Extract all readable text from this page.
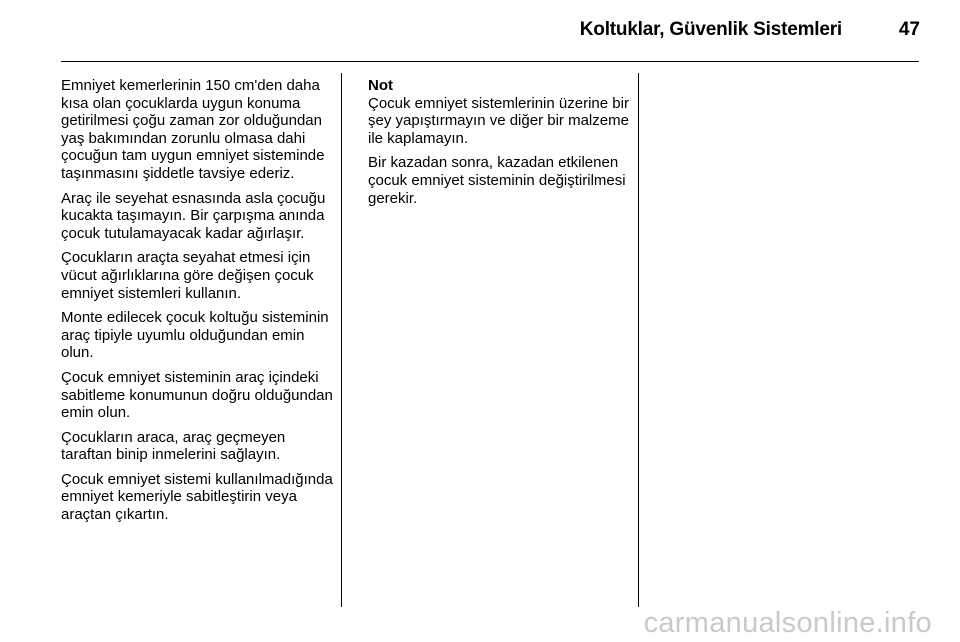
Koltuklar, Güvenlik Sistemleri	47

Emniyet kemerlerinin 150 cm'den daha kısa olan çocuklarda uygun konuma getirilmesi çoğu zaman zor olduğundan yaş bakımından zorunlu olmasa dahi çocuğun tam uygun emniyet sisteminde taşınmasını şiddetle tavsiye ederiz.

Araç ile seyehat esnasında asla çocuğu kucakta taşımayın. Bir çarpışma anında çocuk tutulamayacak kadar ağırlaşır.

Çocukların araçta seyahat etmesi için vücut ağırlıklarına göre değişen çocuk emniyet sistemleri kullanın.

Monte edilecek çocuk koltuğu sisteminin araç tipiyle uyumlu olduğundan emin olun.

Çocuk emniyet sisteminin araç içindeki sabitleme konumunun doğru olduğundan emin olun.

Çocukların araca, araç geçmeyen taraftan binip inmelerini sağlayın.

Çocuk emniyet sistemi kullanılmadığında emniyet kemeriyle sabitleştirin veya araçtan çıkartın.

Not
Çocuk emniyet sistemlerinin üzerine bir şey yapıştırmayın ve diğer bir malzeme ile kaplamayın.

Bir kazadan sonra, kazadan etkilenen çocuk emniyet sisteminin değiştirilmesi gerekir.

carmanualsonline.info
